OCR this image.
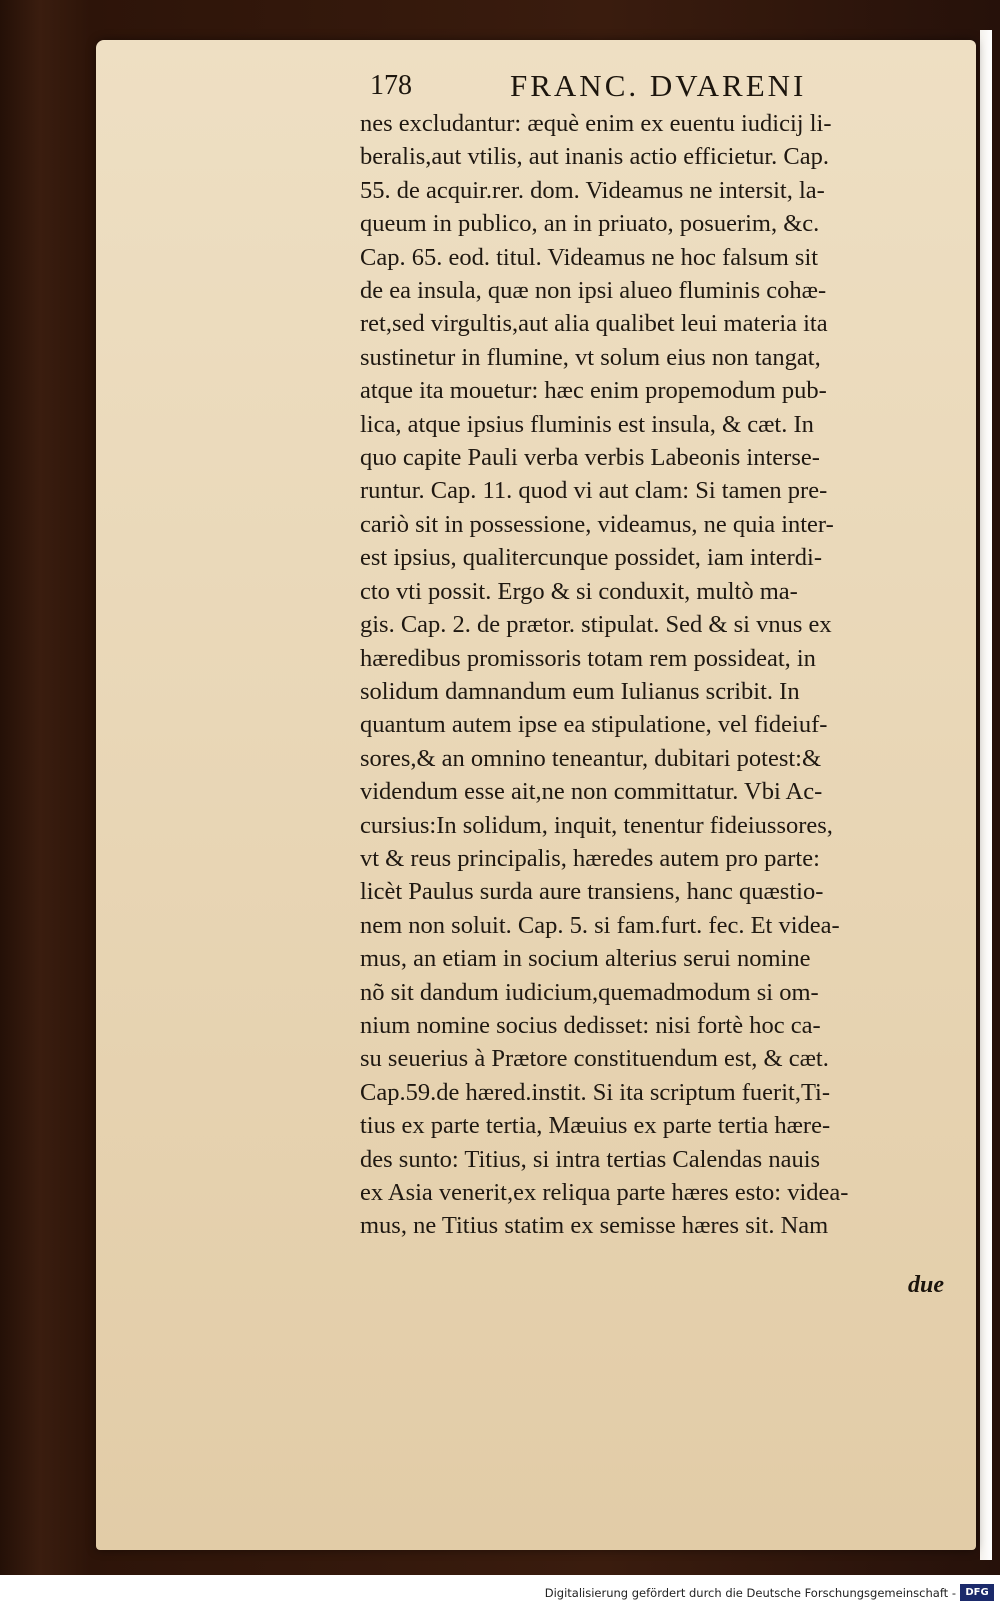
178	FRANC. DVARENI
nes excludantur: æquè enim ex euentu iudicij li-
beralis,aut vtilis, aut inanis actio efficietur. Cap.
55. de acquir.rer. dom. Videamus ne intersit, la-
queum in publico, an in priuato, posuerim, &c.
Cap. 65. eod. titul. Videamus ne hoc falsum sit
de ea insula, quæ non ipsi alueo fluminis cohæ-
ret,sed virgultis,aut alia qualibet leui materia ita
sustinetur in flumine, vt solum eius non tangat,
atque ita mouetur: hæc enim propemodum pub-
lica, atque ipsius fluminis est insula, & cæt. In
quo capite Pauli verba verbis Labeonis interse-
runtur. Cap. 11. quod vi aut clam: Si tamen pre-
cariò sit in possessione, videamus, ne quia inter-
est ipsius, qualitercunque possidet, iam interdi-
cto vti possit. Ergo & si conduxit, multò ma-
gis. Cap. 2. de prætor. stipulat. Sed & si vnus ex
hæredibus promissoris totam rem possideat, in
solidum damnandum eum Iulianus scribit. In
quantum autem ipse ea stipulatione, vel fideiuf-
sores,& an omnino teneantur, dubitari potest:&
videndum esse ait,ne non committatur. Vbi Ac-
cursius:In solidum, inquit, tenentur fideiussores,
vt & reus principalis, hæredes autem pro parte:
licèt Paulus surda aure transiens, hanc quæstio-
nem non soluit. Cap. 5. si fam.furt. fec. Et videa-
mus, an etiam in socium alterius serui nomine
nõ sit dandum iudicium,quemadmodum si om-
nium nomine socius dedisset: nisi fortè hoc ca-
su seuerius à Prætore constituendum est, & cæt.
Cap.59.de hæred.instit. Si ita scriptum fuerit,Ti-
tius ex parte tertia, Mæuius ex parte tertia hære-
des sunto: Titius, si intra tertias Calendas nauis
ex Asia venerit,ex reliqua parte hæres esto: videa-
mus, ne Titius statim ex semisse hæres sit. Nam
due
Digitalisierung gefördert durch die Deutsche Forschungsgemeinschaft - DFG
